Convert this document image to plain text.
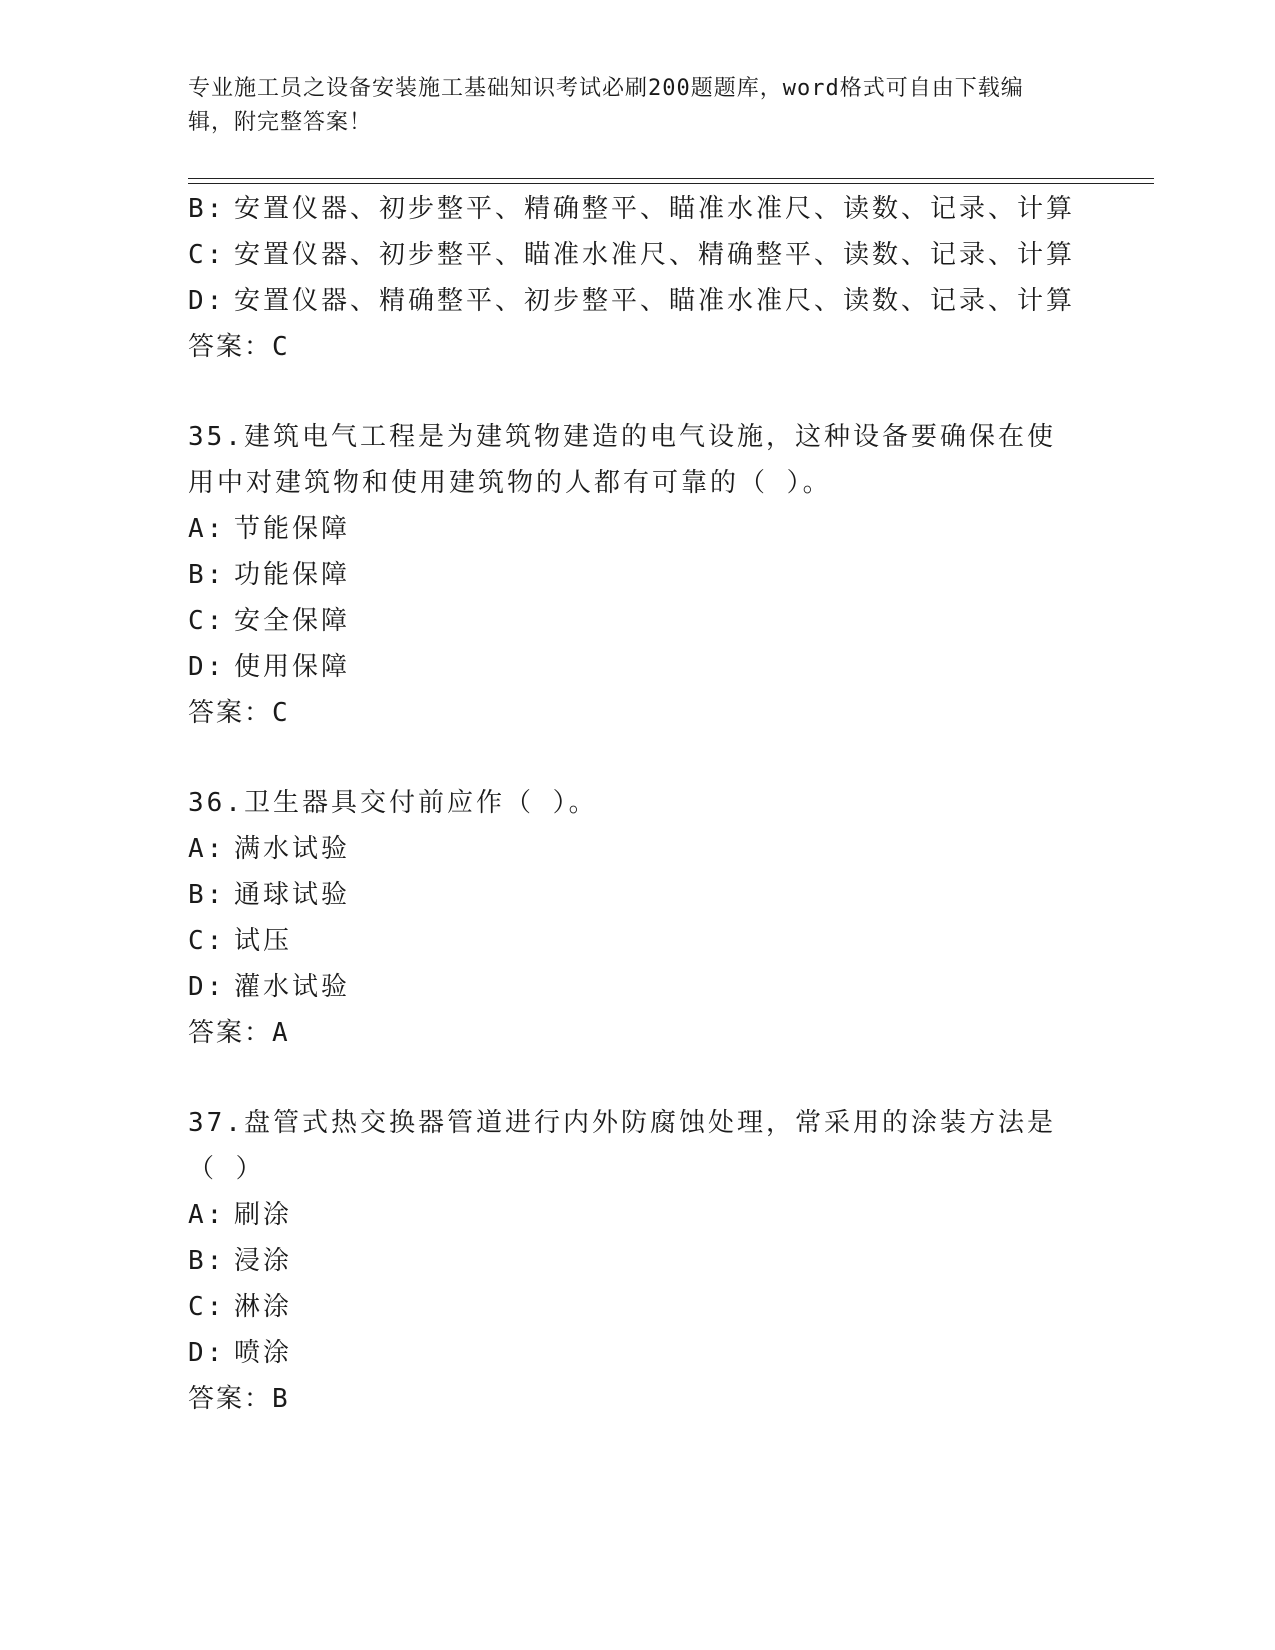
专业施工员之设备安装施工基础知识考试必刷200题题库，word格式可自由下载编辑，附完整答案！
B: 安置仪器、初步整平、精确整平、瞄准水准尺、读数、记录、计算
C: 安置仪器、初步整平、瞄准水准尺、精确整平、读数、记录、计算
D: 安置仪器、精确整平、初步整平、瞄准水准尺、读数、记录、计算
答案：C
35.建筑电气工程是为建筑物建造的电气设施，这种设备要确保在使用中对建筑物和使用建筑物的人都有可靠的（ ）。
A: 节能保障
B: 功能保障
C: 安全保障
D: 使用保障
答案：C
36.卫生器具交付前应作（ ）。
A: 满水试验
B: 通球试验
C: 试压
D: 灌水试验
答案：A
37.盘管式热交换器管道进行内外防腐蚀处理，常采用的涂装方法是（ ）
A: 刷涂
B: 浸涂
C: 淋涂
D: 喷涂
答案：B
